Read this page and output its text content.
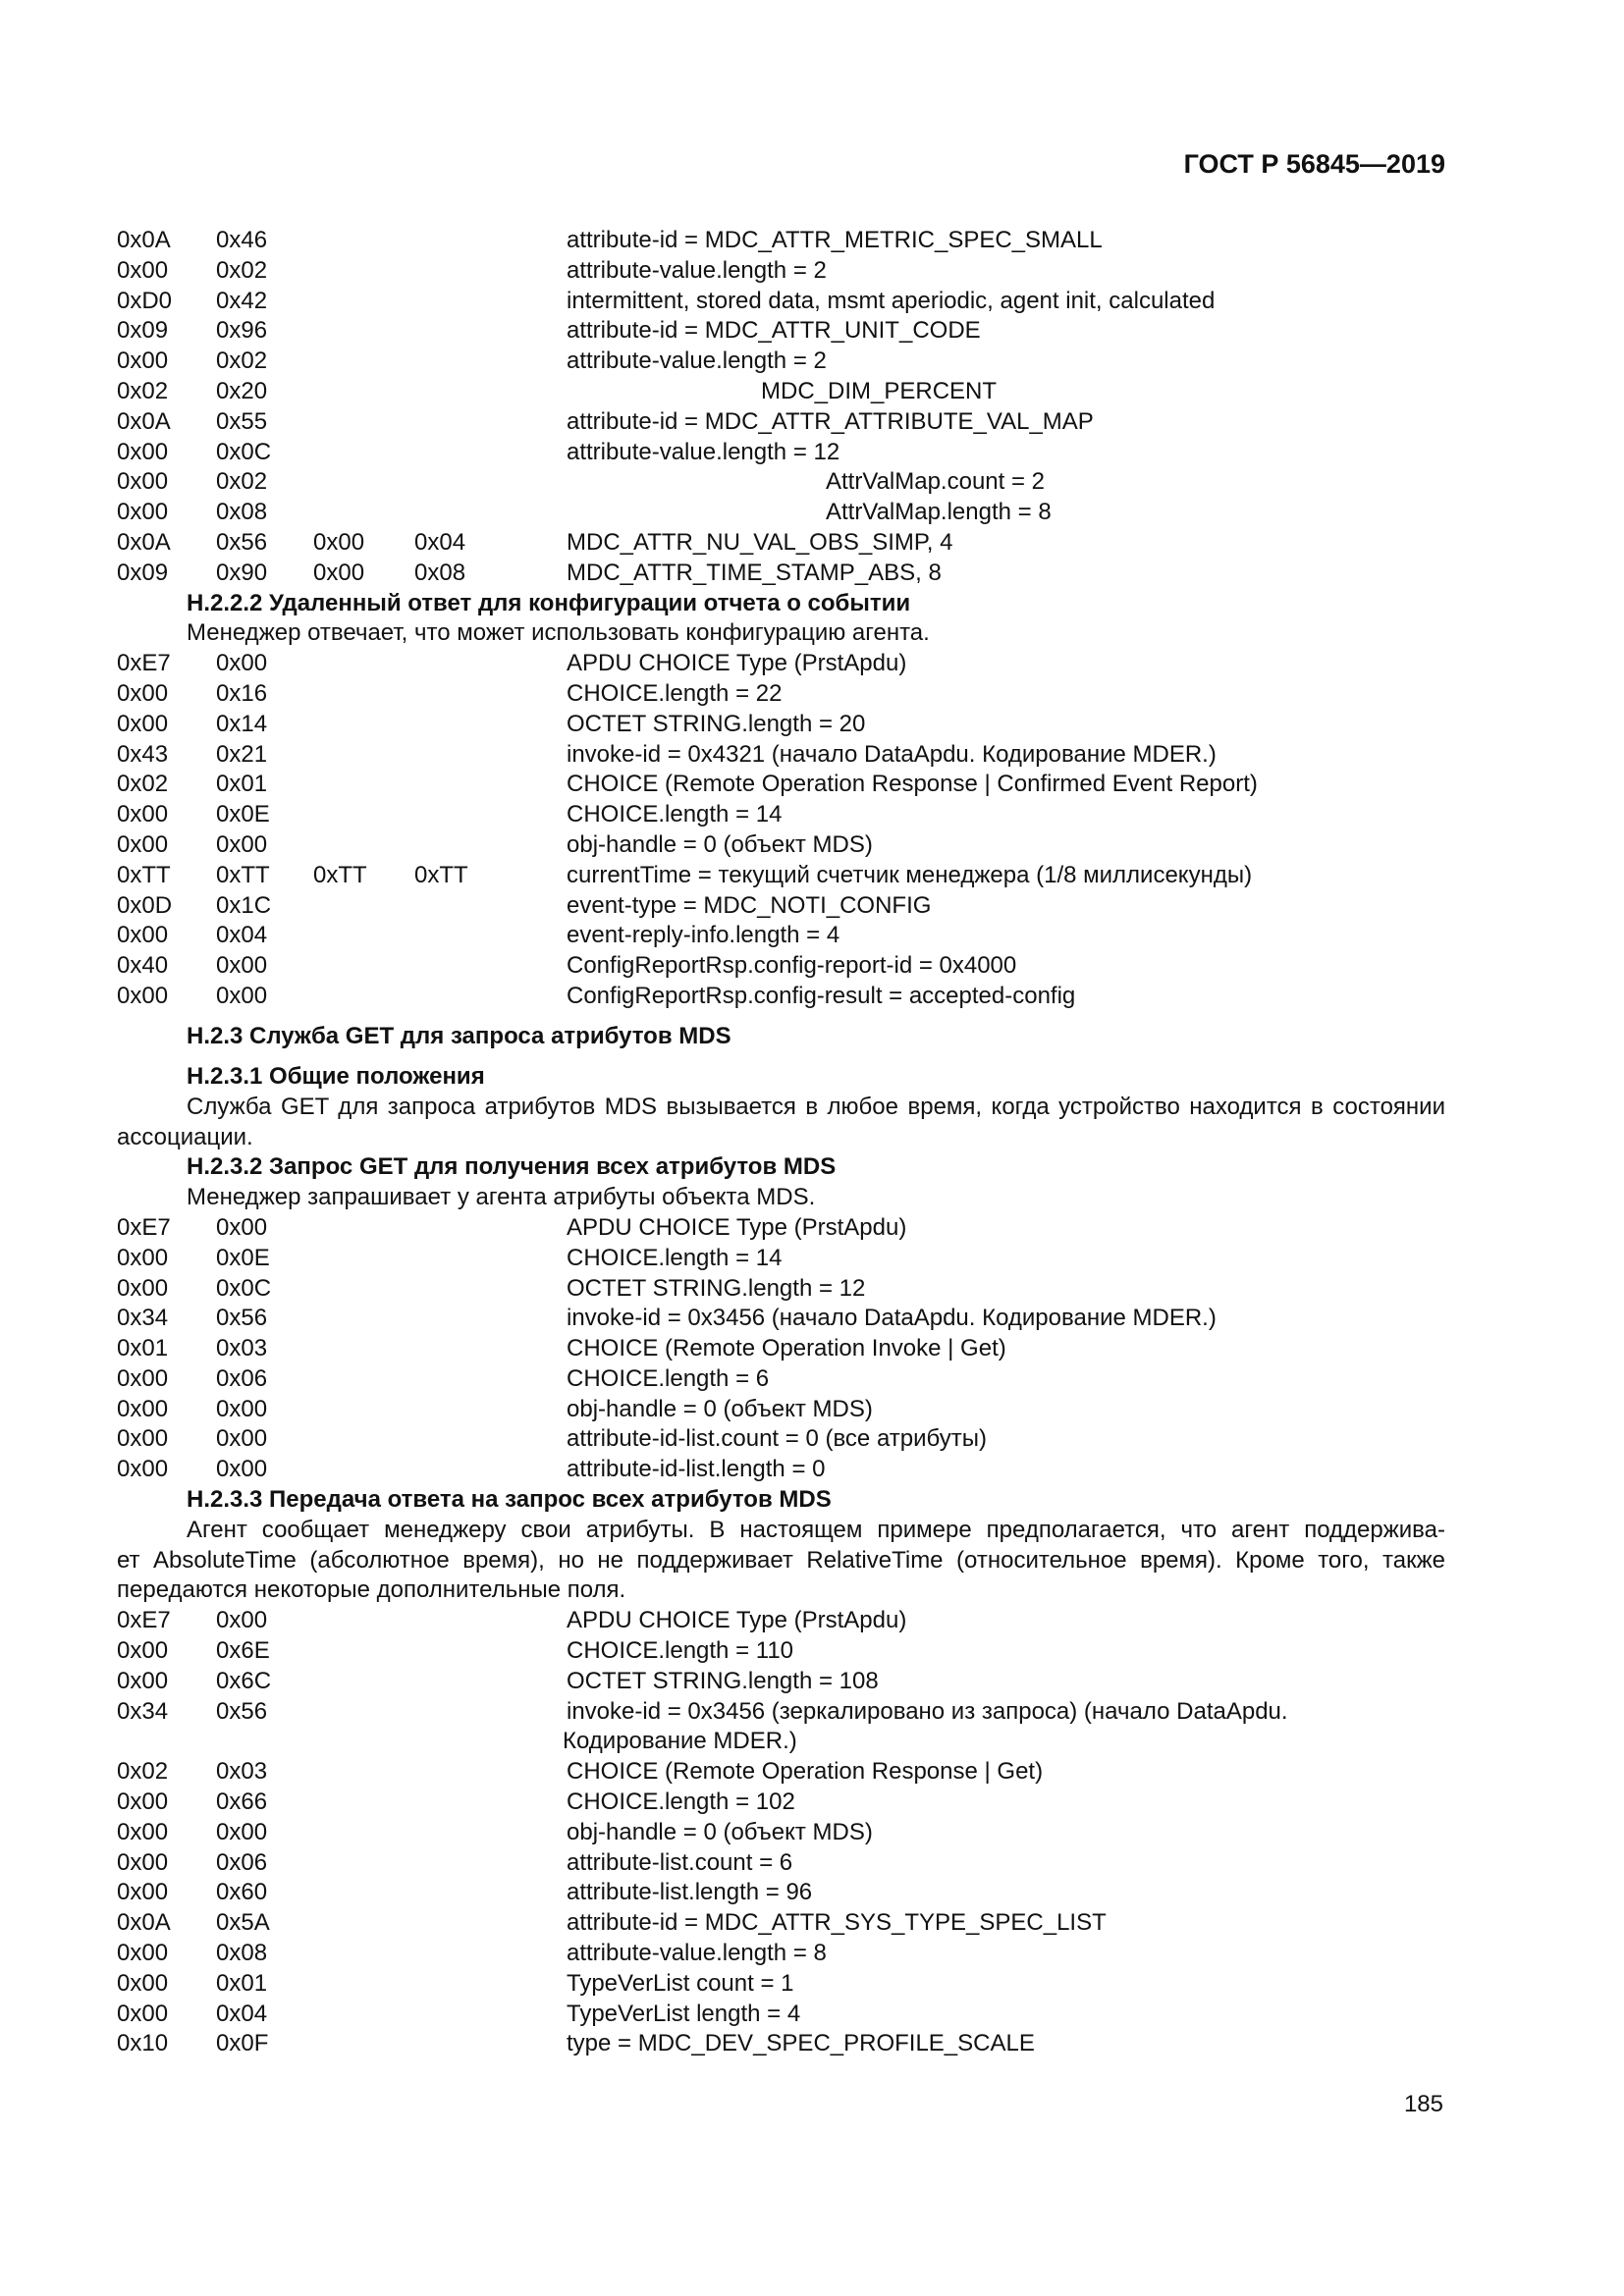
ГОСТ Р 56845—2019
0x0A 0x46	attribute-id = MDC_ATTR_METRIC_SPEC_SMALL
0x00 0x02	attribute-value.length = 2
0xD0 0x42	intermittent, stored data, msmt aperiodic, agent init, calculated
0x09 0x96	attribute-id = MDC_ATTR_UNIT_CODE
0x00 0x02	attribute-value.length = 2
0x02 0x20	MDC_DIM_PERCENT
0x0A 0x55	attribute-id = MDC_ATTR_ATTRIBUTE_VAL_MAP
0x00 0x0C	attribute-value.length = 12
0x00 0x02	AttrValMap.count = 2
0x00 0x08	AttrValMap.length = 8
0x0A 0x56 0x00 0x04	MDC_ATTR_NU_VAL_OBS_SIMP, 4
0x09 0x90 0x00 0x08	MDC_ATTR_TIME_STAMP_ABS, 8
H.2.2.2 Удаленный ответ для конфигурации отчета о событии
Менеджер отвечает, что может использовать конфигурацию агента.
0xE7 0x00	APDU CHOICE Type (PrstApdu)
0x00 0x16	CHOICE.length = 22
0x00 0x14	OCTET STRING.length = 20
0x43 0x21	invoke-id = 0x4321 (начало DataApdu. Кодирование MDER.)
0x02 0x01	CHOICE (Remote Operation Response | Confirmed Event Report)
0x00 0x0E	CHOICE.length = 14
0x00 0x00	obj-handle = 0 (объект MDS)
0xTT 0xTT 0xTT 0xTT	currentTime = текущий счетчик менеджера (1/8 миллисекунды)
0x0D 0x1C	event-type = MDC_NOTI_CONFIG
0x00 0x04	event-reply-info.length = 4
0x40 0x00	ConfigReportRsp.config-report-id = 0x4000
0x00 0x00	ConfigReportRsp.config-result = accepted-config
H.2.3 Служба GET для запроса атрибутов MDS
H.2.3.1 Общие положения
Служба GET для запроса атрибутов MDS вызывается в любое время, когда устройство находится в состоянии
ассоциации.
H.2.3.2 Запрос GET для получения всех атрибутов MDS
Менеджер запрашивает у агента атрибуты объекта MDS.
0xE7 0x00	APDU CHOICE Type (PrstApdu)
0x00 0x0E	CHOICE.length = 14
0x00 0x0C	OCTET STRING.length = 12
0x34 0x56	invoke-id = 0x3456 (начало DataApdu. Кодирование MDER.)
0x01 0x03	CHOICE (Remote Operation Invoke | Get)
0x00 0x06	CHOICE.length = 6
0x00 0x00	obj-handle = 0 (объект MDS)
0x00 0x00	attribute-id-list.count = 0 (все атрибуты)
0x00 0x00	attribute-id-list.length = 0
H.2.3.3 Передача ответа на запрос всех атрибутов MDS
Агент сообщает менеджеру свои атрибуты. В настоящем примере предполагается, что агент поддержива-
ет AbsoluteTime (абсолютное время), но не поддерживает RelativeTime (относительное время). Кроме того, также
передаются некоторые дополнительные поля.
0xE7 0x00	APDU CHOICE Type (PrstApdu)
0x00 0x6E	CHOICE.length = 110
0x00 0x6C	OCTET STRING.length = 108
0x34 0x56	invoke-id = 0x3456 (зеркалировано из запроса) (начало DataApdu.
Кодирование MDER.)
0x02 0x03	CHOICE (Remote Operation Response | Get)
0x00 0x66	CHOICE.length = 102
0x00 0x00	obj-handle = 0 (объект MDS)
0x00 0x06	attribute-list.count = 6
0x00 0x60	attribute-list.length = 96
0x0A 0x5A	attribute-id = MDC_ATTR_SYS_TYPE_SPEC_LIST
0x00 0x08	attribute-value.length = 8
0x00 0x01	TypeVerList count = 1
0x00 0x04	TypeVerList length = 4
0x10 0x0F	type = MDC_DEV_SPEC_PROFILE_SCALE
185
